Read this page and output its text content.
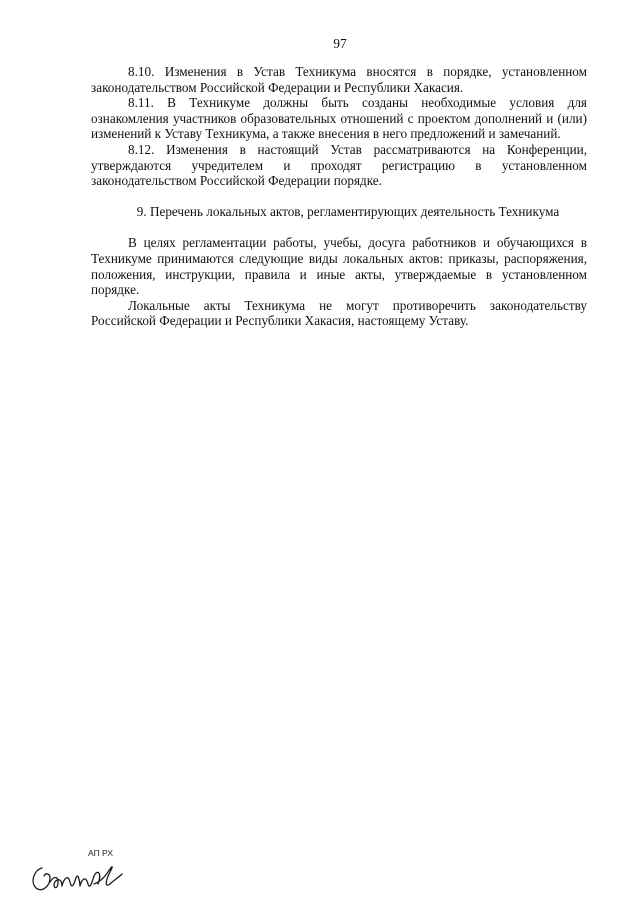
97

8.10. Изменения в Устав Техникума вносятся в порядке, установленном законодательством Российской Федерации и Республики Хакасия.

8.11. В Техникуме должны быть созданы необходимые условия для ознакомления участников образовательных отношений с проектом дополнений и (или) изменений к Уставу Техникума, а также внесения в него предложений и замечаний.

8.12. Изменения в настоящий Устав рассматриваются на Конференции, утверждаются учредителем и проходят регистрацию в установленном законодательством Российской Федерации порядке.

9. Перечень локальных актов, регламентирующих деятельность Техникума

В целях регламентации работы, учебы, досуга работников и обучающихся в Техникуме принимаются следующие виды локальных актов: приказы, распоряжения, положения, инструкции, правила и иные акты, утверждаемые в установленном порядке.

Локальные акты Техникума не могут противоречить законодательству Российской Федерации и Республики Хакасия, настоящему Уставу.

АП РХ
